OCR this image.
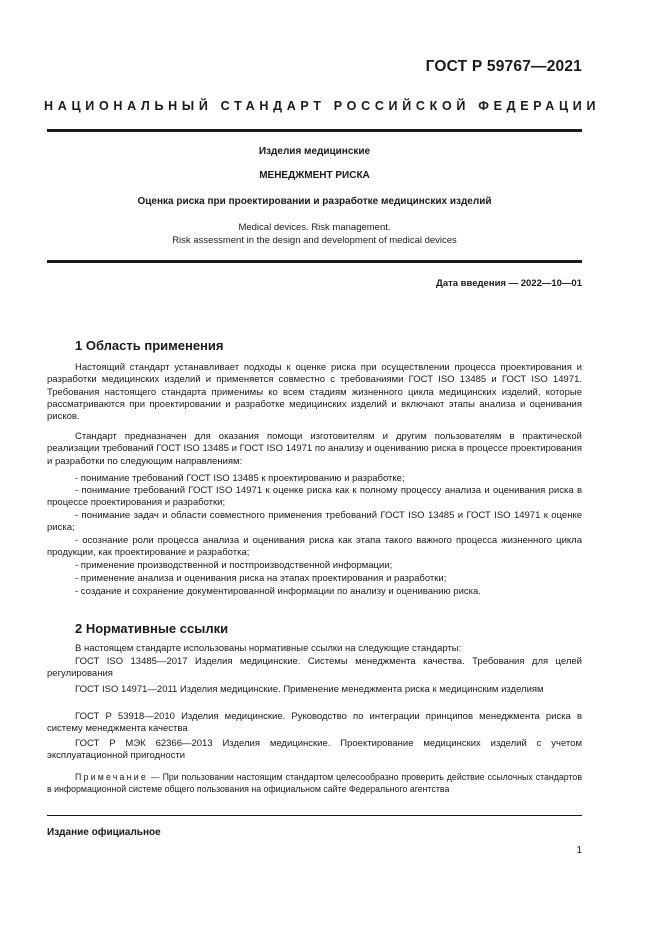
ГОСТ Р 59767—2021
НАЦИОНАЛЬНЫЙ СТАНДАРТ РОССИЙСКОЙ ФЕДЕРАЦИИ
Изделия медицинские
МЕНЕДЖМЕНТ РИСКА
Оценка риска при проектировании и разработке медицинских изделий
Medical devices. Risk management.
Risk assessment in the design and development of medical devices
Дата введения — 2022—10—01
1 Область применения
Настоящий стандарт устанавливает подходы к оценке риска при осуществлении процесса проектирования и разработки медицинских изделий и применяется совместно с требованиями ГОСТ ISO 13485 и ГОСТ ISO 14971. Требования настоящего стандарта применимы ко всем стадиям жизненного цикла медицинских изделий, которые рассматриваются при проектировании и разработке медицинских изделий и включают этапы анализа и оценивания рисков.
Стандарт предназначен для оказания помощи изготовителям и другим пользователям в практической реализации требований ГОСТ ISO 13485 и ГОСТ ISO 14971 по анализу и оцениванию риска в процессе проектирования и разработки по следующим направлениям:
- понимание требований ГОСТ ISO 13485 к проектированию и разработке;
- понимание требований ГОСТ ISO 14971 к оценке риска как к полному процессу анализа и оценивания риска в процессе проектирования и разработки;
- понимание задач и области совместного применения требований ГОСТ ISO 13485 и ГОСТ ISO 14971 к оценке риска;
- осознание роли процесса анализа и оценивания риска как этапа такого важного процесса жизненного цикла продукции, как проектирование и разработка;
- применение производственной и постпроизводственной информации;
- применение анализа и оценивания риска на этапах проектирования и разработки;
- создание и сохранение документированной информации по анализу и оцениванию риска.
2 Нормативные ссылки
В настоящем стандарте использованы нормативные ссылки на следующие стандарты:
ГОСТ ISO 13485—2017 Изделия медицинские. Системы менеджмента качества. Требования для целей регулирования
ГОСТ ISO 14971—2011 Изделия медицинские. Применение менеджмента риска к медицинским изделиям
ГОСТ Р 53918—2010 Изделия медицинские. Руководство по интеграции принципов менеджмента риска в систему менеджмента качества
ГОСТ Р МЭК 62366—2013 Изделия медицинские. Проектирование медицинских изделий с учетом эксплуатационной пригодности
Примечание — При пользовании настоящим стандартом целесообразно проверить действие ссылочных стандартов в информационной системе общего пользования на официальном сайте Федерального агентства
Издание официальное
1
